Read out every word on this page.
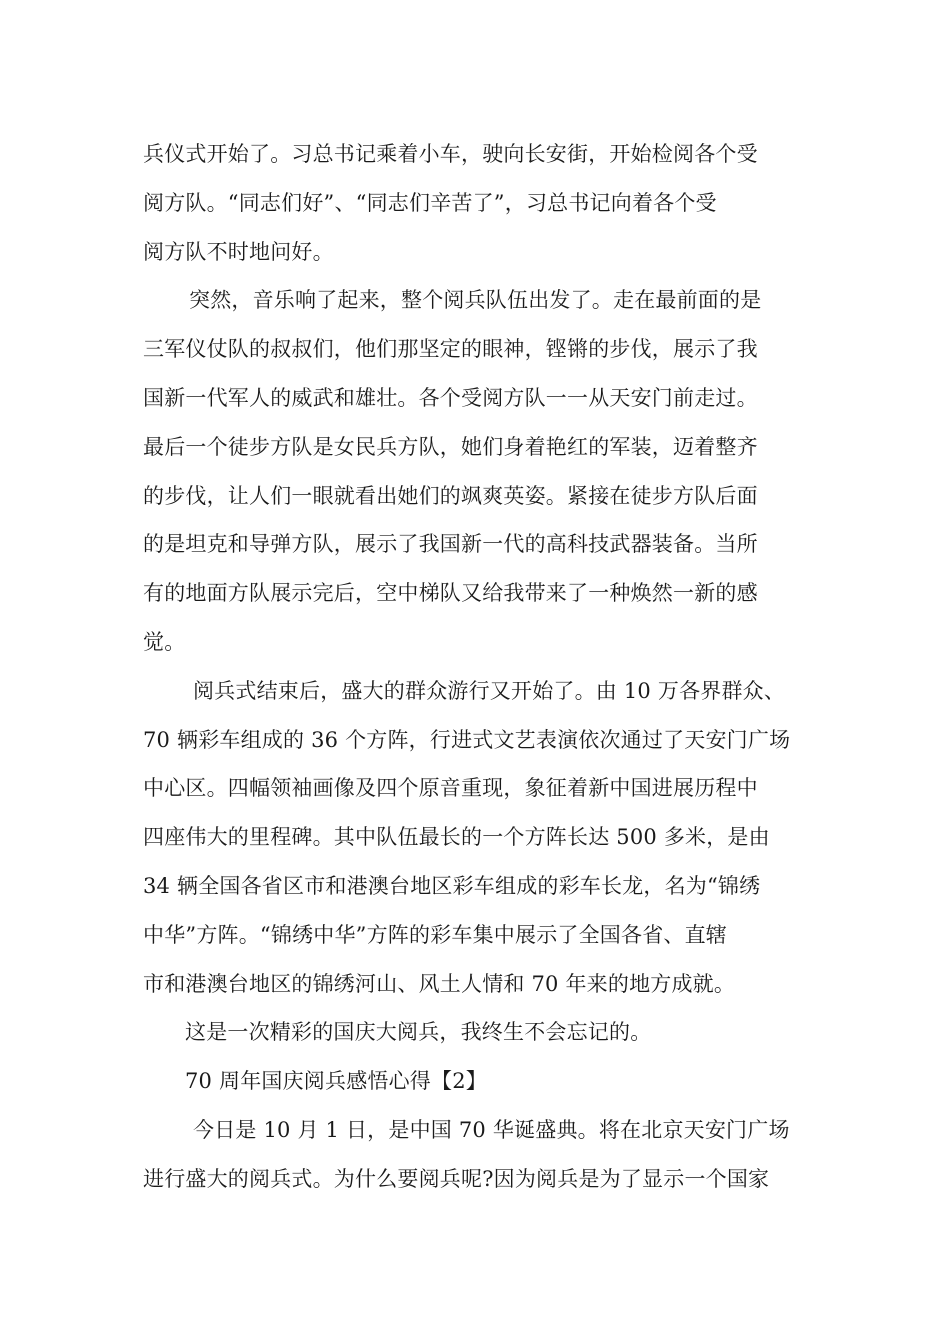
兵仪式开始了。习总书记乘着小车，驶向长安街，开始检阅各个受
阅方队。“同志们好”、“同志们辛苦了”，习总书记向着各个受
阅方队不时地问好。
突然，音乐响了起来，整个阅兵队伍出发了。走在最前面的是
三军仪仗队的叔叔们，他们那坚定的眼神，铿锵的步伐，展示了我
国新一代军人的威武和雄壮。各个受阅方队一一从天安门前走过。
最后一个徒步方队是女民兵方队，她们身着艳红的军装，迈着整齐
的步伐，让人们一眼就看出她们的飒爽英姿。紧接在徒步方队后面
的是坦克和导弹方队，展示了我国新一代的高科技武器装备。当所
有的地面方队展示完后，空中梯队又给我带来了一种焕然一新的感
觉。
阅兵式结束后，盛大的群众游行又开始了。由 10 万各界群众、
70 辆彩车组成的 36 个方阵，行进式文艺表演依次通过了天安门广场
中心区。四幅领袖画像及四个原音重现，象征着新中国进展历程中
四座伟大的里程碑。其中队伍最长的一个方阵长达 500 多米，是由
34 辆全国各省区市和港澳台地区彩车组成的彩车长龙，名为“锦绣
中华”方阵。“锦绣中华”方阵的彩车集中展示了全国各省、直辖
市和港澳台地区的锦绣河山、风土人情和 70 年来的地方成就。
这是一次精彩的国庆大阅兵，我终生不会忘记的。
70 周年国庆阅兵感悟心得【2】
今日是 10 月 1 日，是中国 70 华诞盛典。将在北京天安门广场
进行盛大的阅兵式。为什么要阅兵呢?因为阅兵是为了显示一个国家
